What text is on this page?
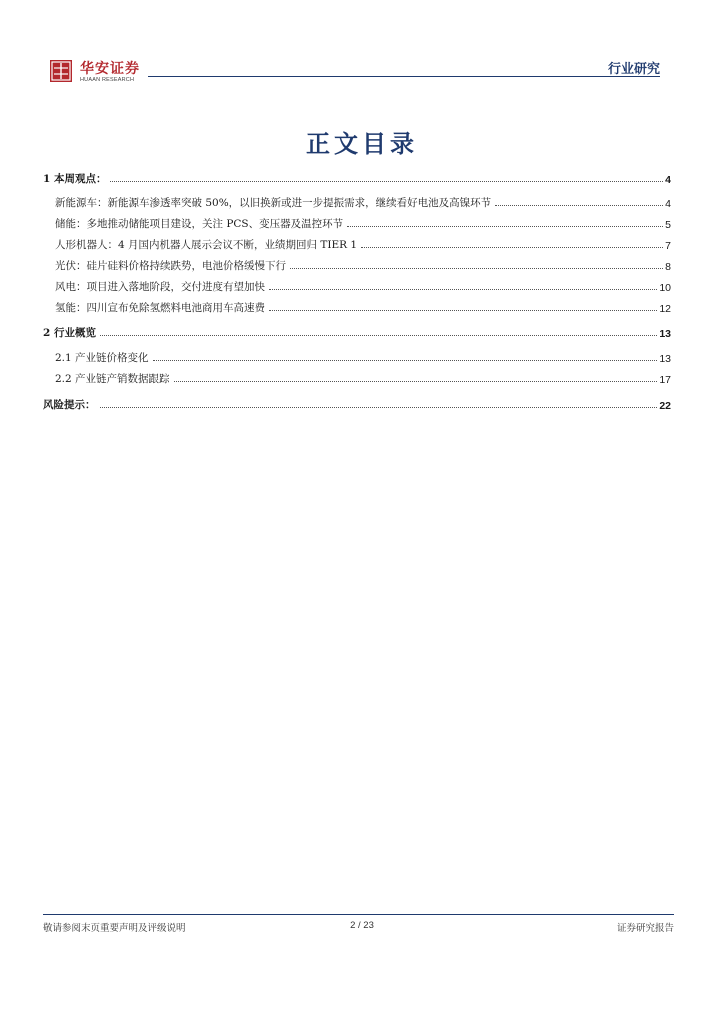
华安证券
HUAAN RESEARCH
行业研究
正文目录
1 本周观点：	4
新能源车：新能源车渗透率突破 50%，以旧换新或进一步提振需求，继续看好电池及高镍环节	4
储能：多地推动储能项目建设，关注 PCS、变压器及温控环节	5
人形机器人：4 月国内机器人展示会议不断，业绩期回归 TIER 1	7
光伏：硅片硅料价格持续跌势，电池价格缓慢下行	8
风电：项目进入落地阶段，交付进度有望加快	10
氢能：四川宣布免除氢燃料电池商用车高速费	12
2 行业概览	13
2.1 产业链价格变化	13
2.2 产业链产销数据跟踪	17
风险提示：	22
敬请参阅末页重要声明及评级说明	2 / 23	证券研究报告
